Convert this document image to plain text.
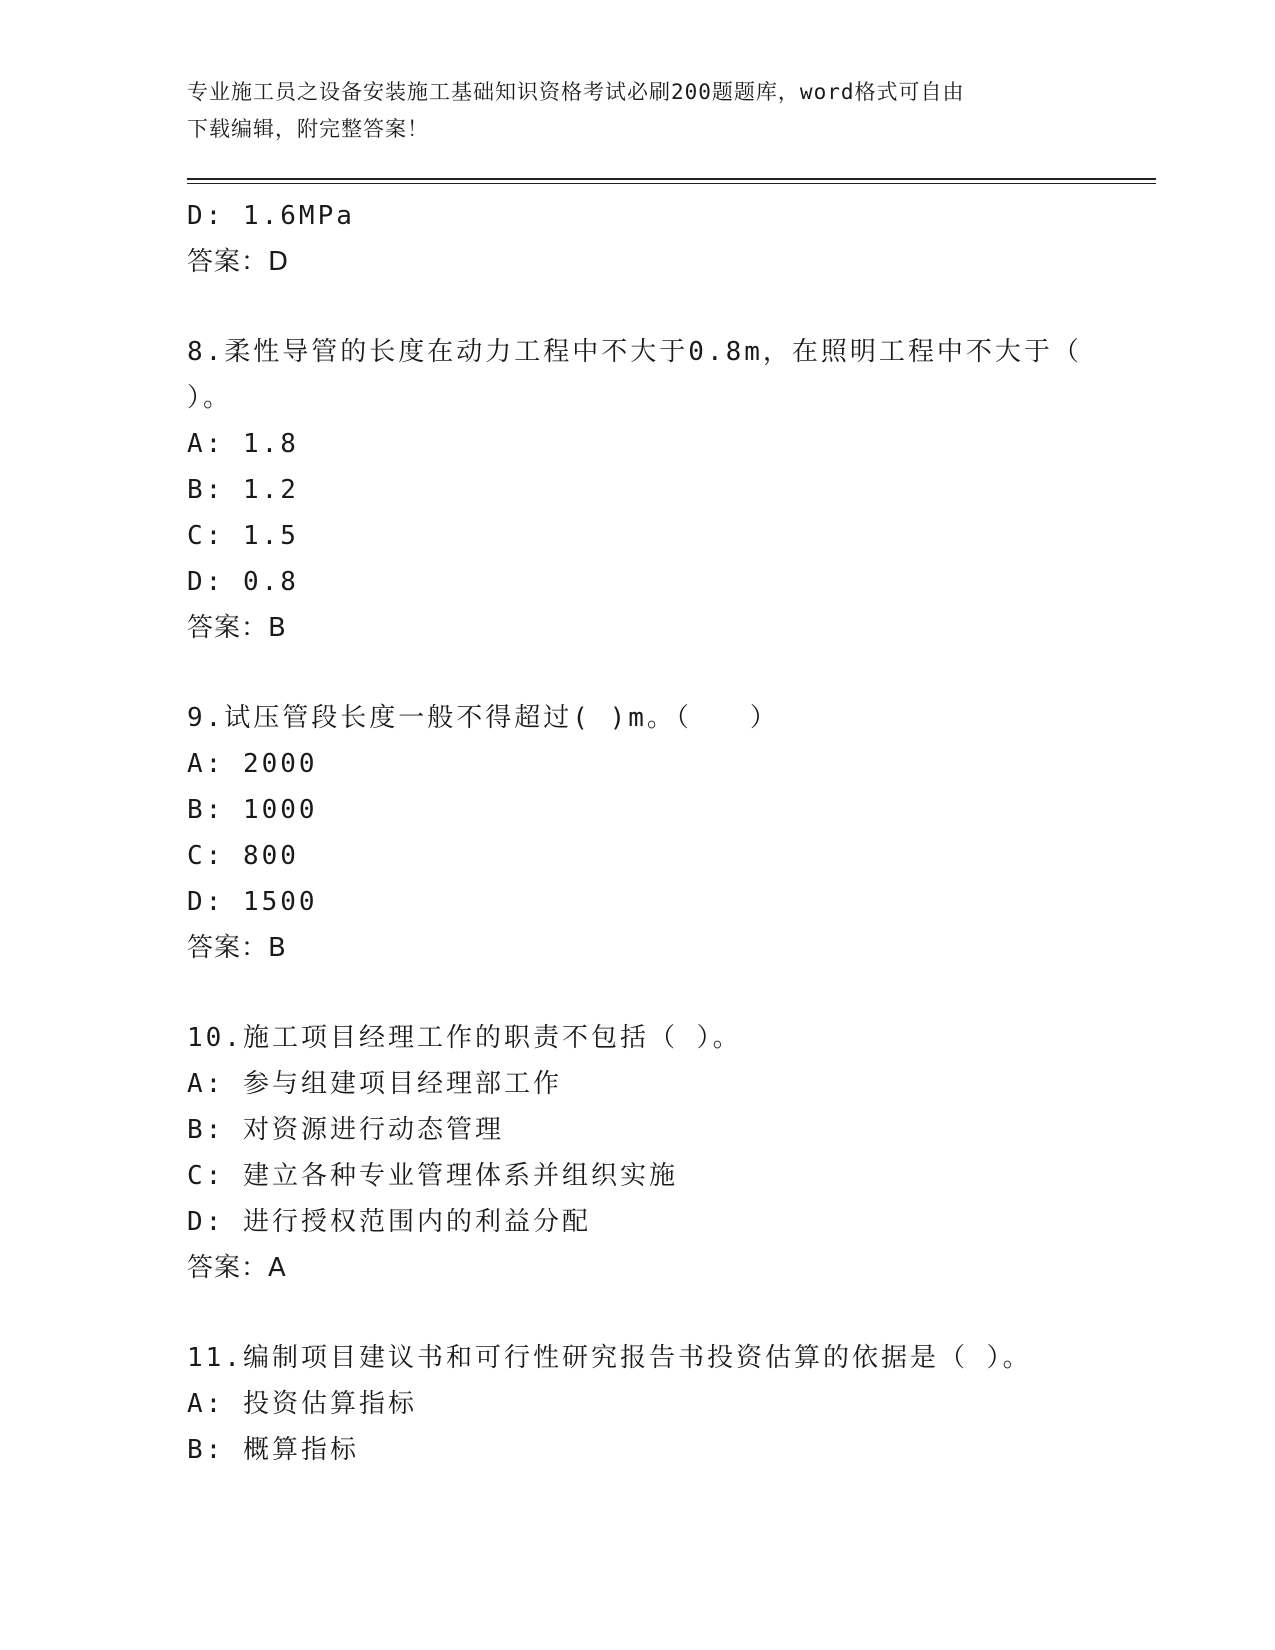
专业施工员之设备安装施工基础知识资格考试必刷200题题库，word格式可自由
下载编辑，附完整答案！
D: 1.6MPa
答案：D
8.柔性导管的长度在动力工程中不大于0.8m，在照明工程中不大于（
）。
A: 1.8
B: 1.2
C: 1.5
D: 0.8
答案：B
9.试压管段长度一般不得超过( )m。（　　）
A: 2000
B: 1000
C: 800
D: 1500
答案：B
10.施工项目经理工作的职责不包括（ ）。
A: 参与组建项目经理部工作
B: 对资源进行动态管理
C: 建立各种专业管理体系并组织实施
D: 进行授权范围内的利益分配
答案：A
11.编制项目建议书和可行性研究报告书投资估算的依据是（ ）。
A: 投资估算指标
B: 概算指标
